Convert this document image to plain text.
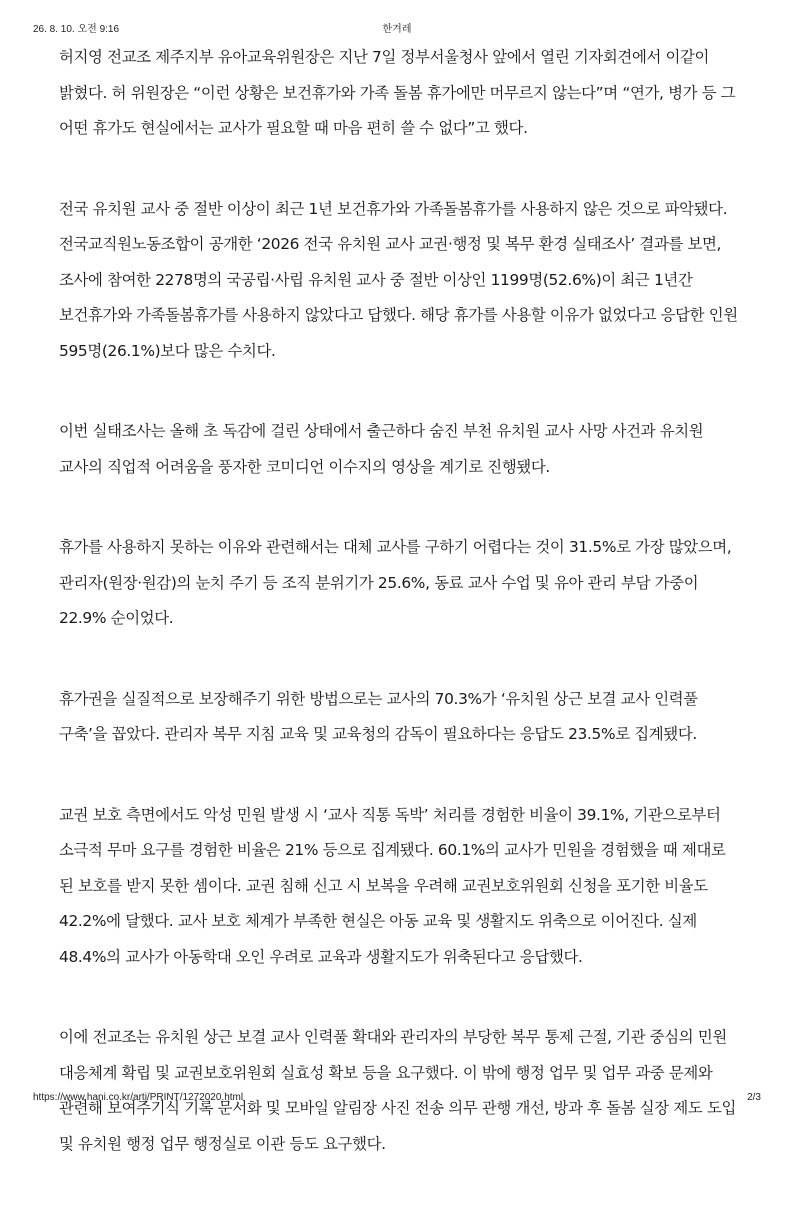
26. 8. 10. 오전 9:16	한겨레

허지영 전교조 제주지부 유아교육위원장은 지난 7일 정부서울청사 앞에서 열린 기자회견에서 이같이 밝혔다. 허 위원장은 “이런 상황은 보건휴가와 가족 돌봄 휴가에만 머무르지 않는다”며 “연가, 병가 등 그 어떤 휴가도 현실에서는 교사가 필요할 때 마음 편히 쓸 수 없다”고 했다.

전국 유치원 교사 중 절반 이상이 최근 1년 보건휴가와 가족돌봄휴가를 사용하지 않은 것으로 파악됐다. 전국교직원노동조합이 공개한 ‘2026 전국 유치원 교사 교권·행정 및 복무 환경 실태조사’ 결과를 보면, 조사에 참여한 2278명의 국공립·사립 유치원 교사 중 절반 이상인 1199명(52.6%)이 최근 1년간 보건휴가와 가족돌봄휴가를 사용하지 않았다고 답했다. 해당 휴가를 사용할 이유가 없었다고 응답한 인원 595명(26.1%)보다 많은 수치다.

이번 실태조사는 올해 초 독감에 걸린 상태에서 출근하다 숨진 부천 유치원 교사 사망 사건과 유치원 교사의 직업적 어려움을 풍자한 코미디언 이수지의 영상을 계기로 진행됐다.

휴가를 사용하지 못하는 이유와 관련해서는 대체 교사를 구하기 어렵다는 것이 31.5%로 가장 많았으며, 관리자(원장·원감)의 눈치 주기 등 조직 분위기가 25.6%, 동료 교사 수업 및 유아 관리 부담 가중이 22.9% 순이었다.

휴가권을 실질적으로 보장해주기 위한 방법으로는 교사의 70.3%가 ‘유치원 상근 보결 교사 인력풀 구축’을 꼽았다. 관리자 복무 지침 교육 및 교육청의 감독이 필요하다는 응답도 23.5%로 집계됐다.

교권 보호 측면에서도 악성 민원 발생 시 ‘교사 직통 독박’ 처리를 경험한 비율이 39.1%, 기관으로부터 소극적 무마 요구를 경험한 비율은 21% 등으로 집계됐다. 60.1%의 교사가 민원을 경험했을 때 제대로 된 보호를 받지 못한 셈이다. 교권 침해 신고 시 보복을 우려해 교권보호위원회 신청을 포기한 비율도 42.2%에 달했다. 교사 보호 체계가 부족한 현실은 아동 교육 및 생활지도 위축으로 이어진다. 실제 48.4%의 교사가 아동학대 오인 우려로 교육과 생활지도가 위축된다고 응답했다.

이에 전교조는 유치원 상근 보결 교사 인력풀 확대와 관리자의 부당한 복무 통제 근절, 기관 중심의 민원 대응체계 확립 및 교권보호위원회 실효성 확보 등을 요구했다. 이 밖에 행정 업무 및 업무 과중 문제와 관련해 보여주기식 기록 문서화 및 모바일 알림장 사진 전송 의무 관행 개선, 방과 후 돌봄 실장 제도 도입 및 유치원 행정 업무 행정실로 이관 등도 요구했다.

https://www.hani.co.kr/arti/PRINT/1272020.html	2/3
